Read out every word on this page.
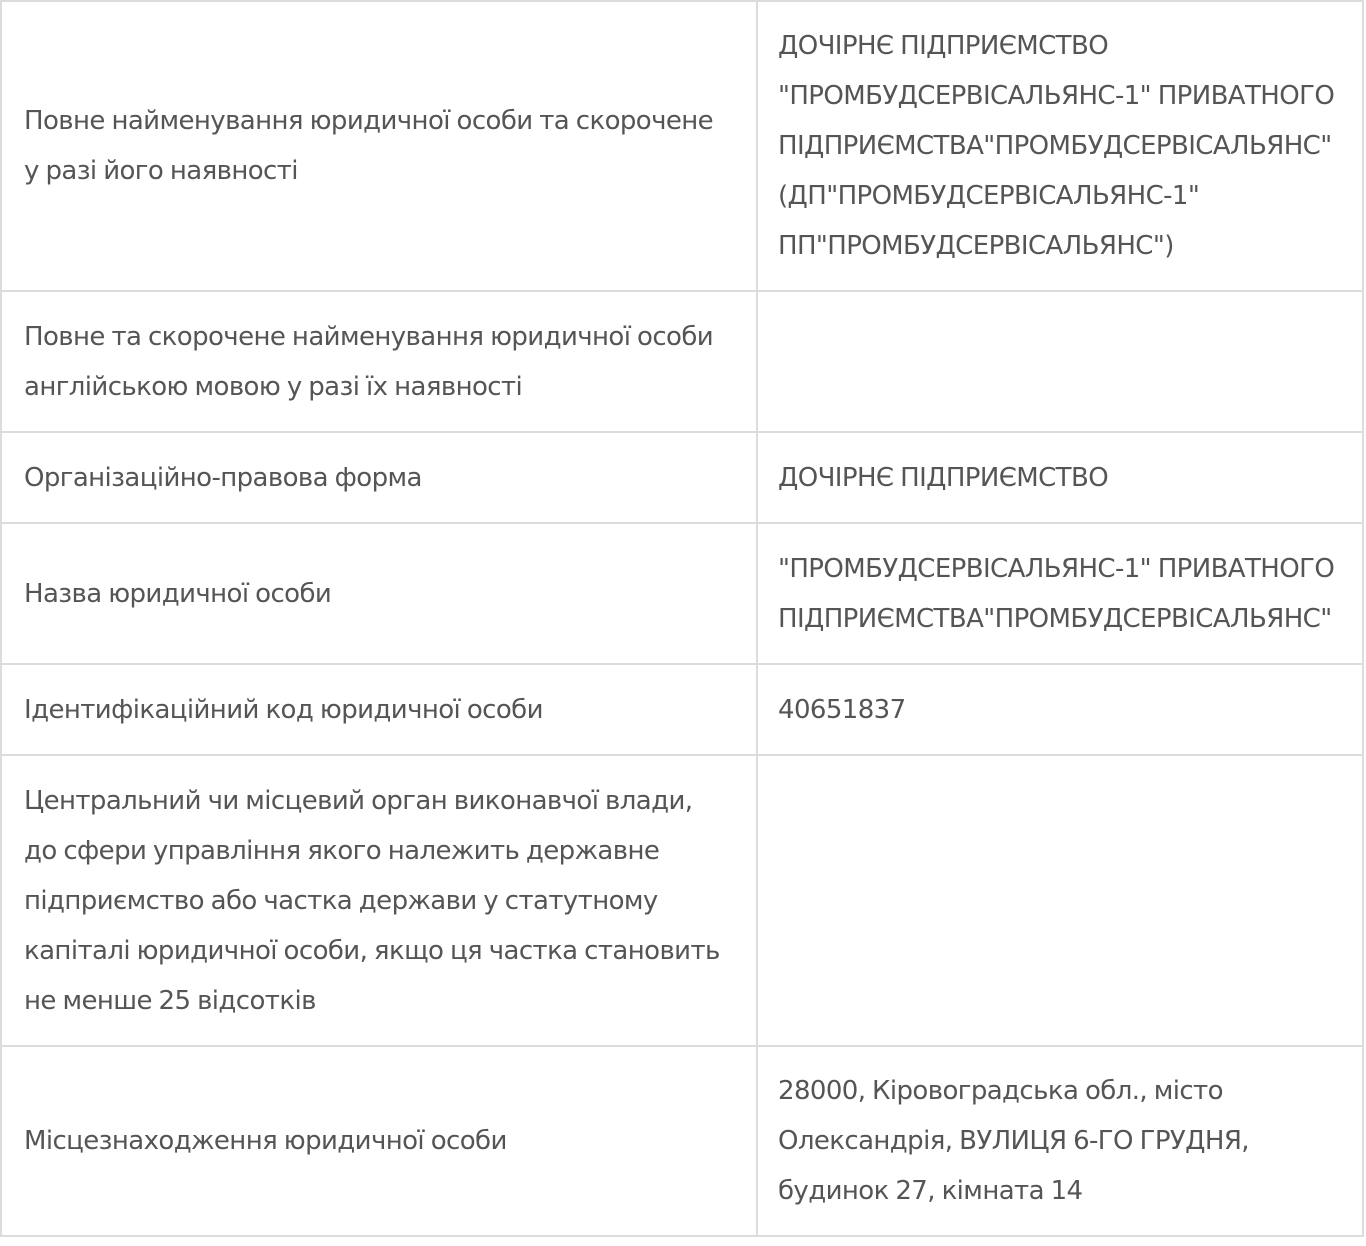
Повне найменування юридичної особи та скорочене у разі його наявності	ДОЧІРНЄ ПІДПРИЄМСТВО
"ПРОМБУДСЕРВІСАЛЬЯНС-1" ПРИВАТНОГО
ПІДПРИЄМСТВА"ПРОМБУДСЕРВІСАЛЬЯНС"
(ДП"ПРОМБУДСЕРВІСАЛЬЯНС-1"
ПП"ПРОМБУДСЕРВІСАЛЬЯНС")

Повне та скорочене найменування юридичної особи англійською мовою у разі їх наявності	

Організаційно-правова форма	ДОЧІРНЄ ПІДПРИЄМСТВО

Назва юридичної особи	"ПРОМБУДСЕРВІСАЛЬЯНС-1" ПРИВАТНОГО
ПІДПРИЄМСТВА"ПРОМБУДСЕРВІСАЛЬЯНС"

Ідентифікаційний код юридичної особи	40651837

Центральний чи місцевий орган виконавчої влади, до сфери управління якого належить державне підприємство або частка держави у статутному капіталі юридичної особи, якщо ця частка становить не менше 25 відсотків	

Місцезнаходження юридичної особи	28000, Кіровоградська обл., місто
Олександрія, ВУЛИЦЯ 6-ГО ГРУДНЯ,
будинок 27, кімната 14
